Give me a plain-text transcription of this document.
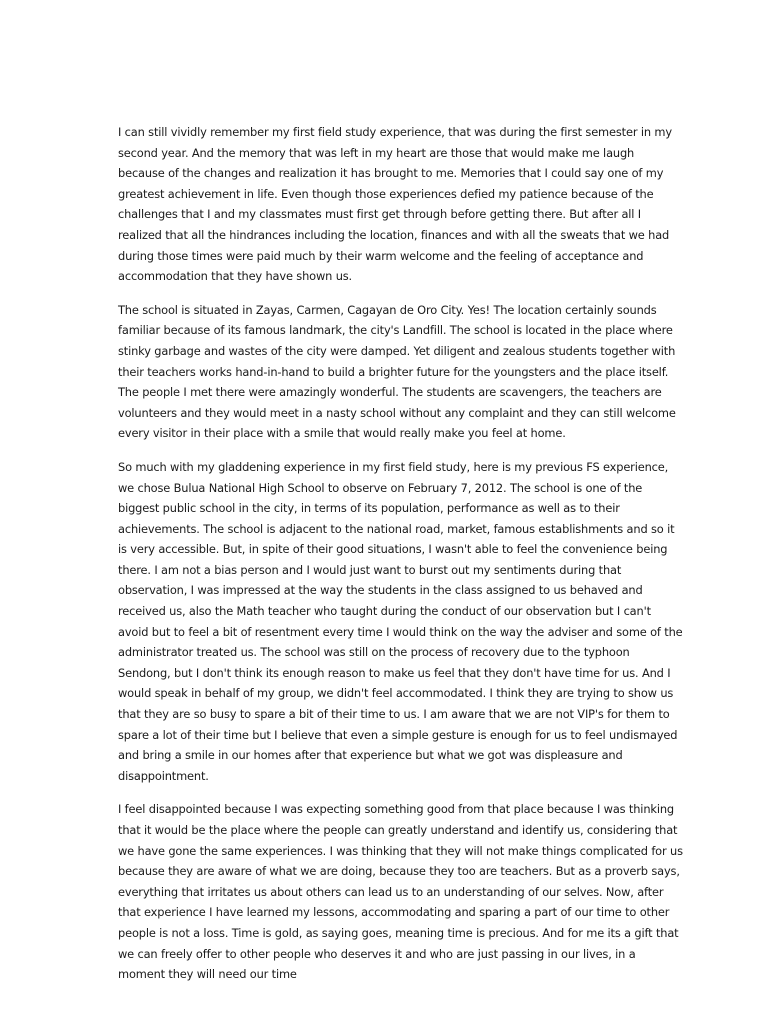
I can still vividly remember my first field study experience, that was during the first semester in my second year. And the memory that was left in my heart are those that would make me laugh because of the changes and realization it has brought to me. Memories that I could say one of my greatest achievement in life. Even though those experiences defied my patience because of the challenges that I and my classmates must first get through before getting there. But after all I realized that all the hindrances including the location, finances and with all the sweats that we had during those times were paid much by their warm welcome and the feeling of acceptance and accommodation that they have shown us.

The school is situated in Zayas, Carmen, Cagayan de Oro City. Yes! The location certainly sounds familiar because of its famous landmark, the city's Landfill. The school is located in the place where stinky garbage and wastes of the city were damped. Yet diligent and zealous students together with their teachers works hand-in-hand to build a brighter future for the youngsters and the place itself. The people I met there were amazingly wonderful. The students are scavengers, the teachers are volunteers and they would meet in a nasty school without any complaint and they can still welcome every visitor in their place with a smile that would really make you feel at home.

So much with my gladdening experience in my first field study, here is my previous FS experience, we chose Bulua National High School to observe on February 7, 2012. The school is one of the biggest public school in the city, in terms of its population, performance as well as to their achievements. The school is adjacent to the national road, market, famous establishments and so it is very accessible. But, in spite of their good situations, I wasn't able to feel the convenience being there. I am not a bias person and I would just want to burst out my sentiments during that observation, I was impressed at the way the students in the class assigned to us behaved and received us, also the Math teacher who taught during the conduct of our observation but I can't avoid but to feel a bit of resentment every time I would think on the way the adviser and some of the administrator treated us. The school was still on the process of recovery due to the typhoon Sendong, but I don't think its enough reason to make us feel that they don't have time for us. And I would speak in behalf of my group, we didn't feel accommodated. I think they are trying to show us that they are so busy to spare a bit of their time to us. I am aware that we are not VIP's for them to spare a lot of their time but I believe that even a simple gesture is enough for us to feel undismayed and bring a smile in our homes after that experience but what we got was displeasure and disappointment.

I feel disappointed because I was expecting something good from that place because I was thinking that it would be the place where the people can greatly understand and identify us, considering that we have gone the same experiences. I was thinking that they will not make things complicated for us because they are aware of what we are doing, because they too are teachers. But as a proverb says, everything that irritates us about others can lead us to an understanding of our selves. Now, after that experience I have learned my lessons, accommodating and sparing a part of our time to other people is not a loss. Time is gold, as saying goes, meaning time is precious. And for me its a gift that we can freely offer to other people who deserves it and who are just passing in our lives, in a moment they will need our time
